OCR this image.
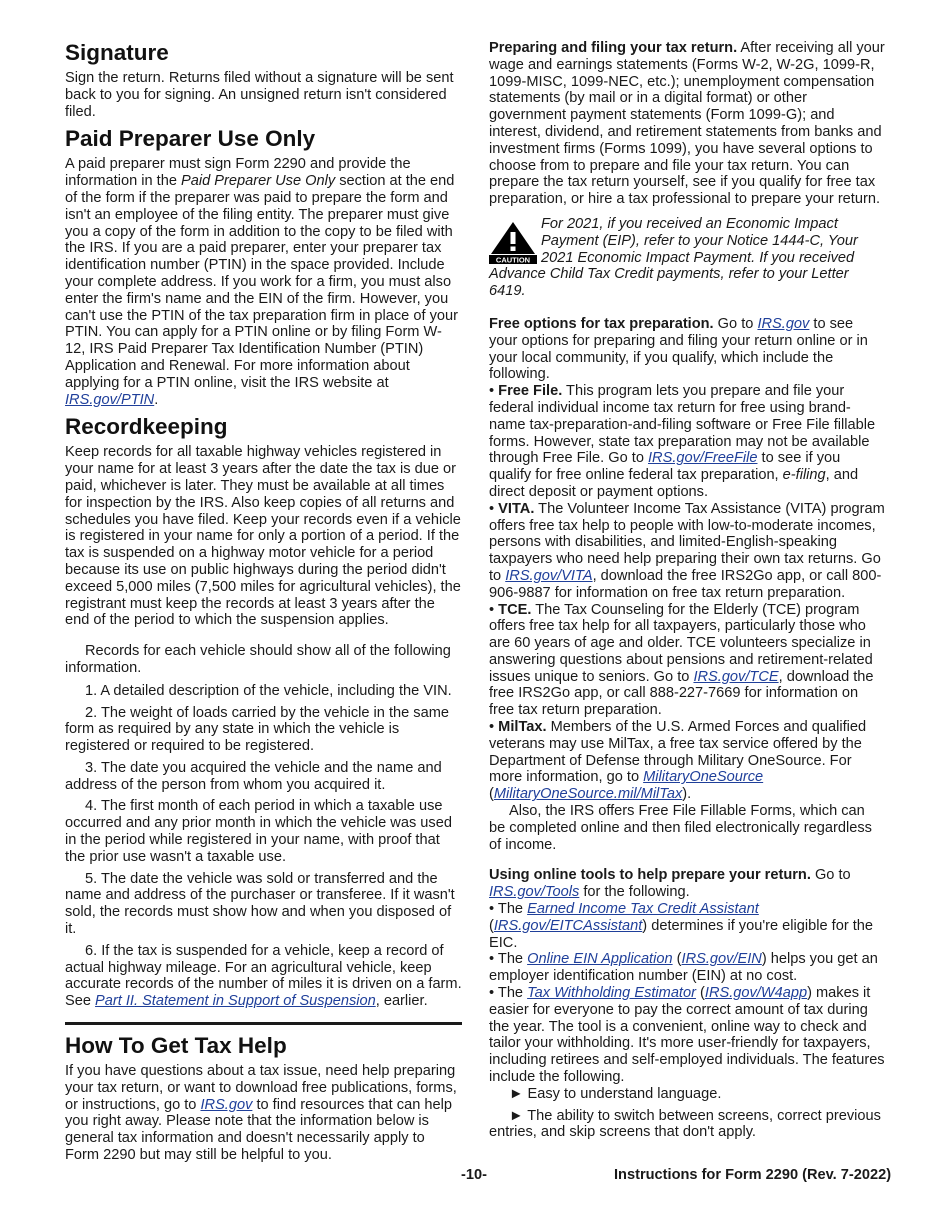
Signature

Sign the return. Returns filed without a signature will be sent back to you for signing. An unsigned return isn't considered filed.

Paid Preparer Use Only

A paid preparer must sign Form 2290 and provide the information in the Paid Preparer Use Only section at the end of the form if the preparer was paid to prepare the form and isn't an employee of the filing entity. The preparer must give you a copy of the form in addition to the copy to be filed with the IRS. If you are a paid preparer, enter your preparer tax identification number (PTIN) in the space provided. Include your complete address. If you work for a firm, you must also enter the firm's name and the EIN of the firm. However, you can't use the PTIN of the tax preparation firm in place of your PTIN. You can apply for a PTIN online or by filing Form W-12, IRS Paid Preparer Tax Identification Number (PTIN) Application and Renewal. For more information about applying for a PTIN online, visit the IRS website at IRS.gov/PTIN.

Recordkeeping

Keep records for all taxable highway vehicles registered in your name for at least 3 years after the date the tax is due or paid, whichever is later. They must be available at all times for inspection by the IRS. Also keep copies of all returns and schedules you have filed. Keep your records even if a vehicle is registered in your name for only a portion of a period. If the tax is suspended on a highway motor vehicle for a period because its use on public highways during the period didn't exceed 5,000 miles (7,500 miles for agricultural vehicles), the registrant must keep the records at least 3 years after the end of the period to which the suspension applies.

Records for each vehicle should show all of the following information.

1. A detailed description of the vehicle, including the VIN.

2. The weight of loads carried by the vehicle in the same form as required by any state in which the vehicle is registered or required to be registered.

3. The date you acquired the vehicle and the name and address of the person from whom you acquired it.

4. The first month of each period in which a taxable use occurred and any prior month in which the vehicle was used in the period while registered in your name, with proof that the prior use wasn't a taxable use.

5. The date the vehicle was sold or transferred and the name and address of the purchaser or transferee. If it wasn't sold, the records must show how and when you disposed of it.

6. If the tax is suspended for a vehicle, keep a record of actual highway mileage. For an agricultural vehicle, keep accurate records of the number of miles it is driven on a farm. See Part II. Statement in Support of Suspension, earlier.

How To Get Tax Help

If you have questions about a tax issue, need help preparing your tax return, or want to download free publications, forms, or instructions, go to IRS.gov to find resources that can help you right away. Please note that the information below is general tax information and doesn't necessarily apply to Form 2290 but may still be helpful to you.

Preparing and filing your tax return. After receiving all your wage and earnings statements (Forms W-2, W-2G, 1099-R, 1099-MISC, 1099-NEC, etc.); unemployment compensation statements (by mail or in a digital format) or other government payment statements (Form 1099-G); and interest, dividend, and retirement statements from banks and investment firms (Forms 1099), you have several options to choose from to prepare and file your tax return. You can prepare the tax return yourself, see if you qualify for free tax preparation, or hire a tax professional to prepare your return.

CAUTION

For 2021, if you received an Economic Impact Payment (EIP), refer to your Notice 1444-C, Your 2021 Economic Impact Payment. If you received Advance Child Tax Credit payments, refer to your Letter 6419.

Free options for tax preparation. Go to IRS.gov to see your options for preparing and filing your return online or in your local community, if you qualify, which include the following.

• Free File. This program lets you prepare and file your federal individual income tax return for free using brand-name tax-preparation-and-filing software or Free File fillable forms. However, state tax preparation may not be available through Free File. Go to IRS.gov/FreeFile to see if you qualify for free online federal tax preparation, e-filing, and direct deposit or payment options.

• VITA. The Volunteer Income Tax Assistance (VITA) program offers free tax help to people with low-to-moderate incomes, persons with disabilities, and limited-English-speaking taxpayers who need help preparing their own tax returns. Go to IRS.gov/VITA, download the free IRS2Go app, or call 800-906-9887 for information on free tax return preparation.

• TCE. The Tax Counseling for the Elderly (TCE) program offers free tax help for all taxpayers, particularly those who are 60 years of age and older. TCE volunteers specialize in answering questions about pensions and retirement-related issues unique to seniors. Go to IRS.gov/TCE, download the free IRS2Go app, or call 888-227-7669 for information on free tax return preparation.

• MilTax. Members of the U.S. Armed Forces and qualified veterans may use MilTax, a free tax service offered by the Department of Defense through Military OneSource. For more information, go to MilitaryOneSource (MilitaryOneSource.mil/MilTax).

Also, the IRS offers Free File Fillable Forms, which can be completed online and then filed electronically regardless of income.

Using online tools to help prepare your return. Go to IRS.gov/Tools for the following.

• The Earned Income Tax Credit Assistant (IRS.gov/EITCAssistant) determines if you're eligible for the EIC.

• The Online EIN Application (IRS.gov/EIN) helps you get an employer identification number (EIN) at no cost.

• The Tax Withholding Estimator (IRS.gov/W4app) makes it easier for everyone to pay the correct amount of tax during the year. The tool is a convenient, online way to check and tailor your withholding. It's more user-friendly for taxpayers, including retirees and self-employed individuals. The features include the following.

► Easy to understand language.

► The ability to switch between screens, correct previous entries, and skip screens that don't apply.

-10-	Instructions for Form 2290 (Rev. 7-2022)
